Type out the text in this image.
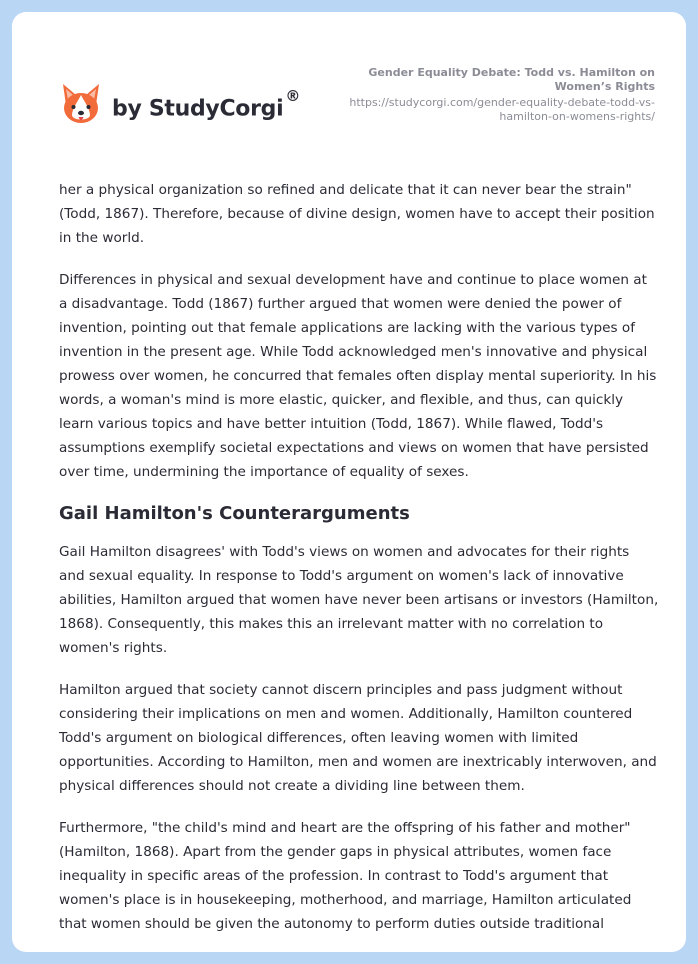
by StudyCorgi®
Gender Equality Debate: Todd vs. Hamilton on Women’s Rights
https://studycorgi.com/gender-equality-debate-todd-vs-hamilton-on-womens-rights/

her a physical organization so refined and delicate that it can never bear the strain" (Todd, 1867). Therefore, because of divine design, women have to accept their position in the world.

Differences in physical and sexual development have and continue to place women at a disadvantage. Todd (1867) further argued that women were denied the power of invention, pointing out that female applications are lacking with the various types of invention in the present age. While Todd acknowledged men's innovative and physical prowess over women, he concurred that females often display mental superiority. In his words, a woman's mind is more elastic, quicker, and flexible, and thus, can quickly learn various topics and have better intuition (Todd, 1867). While flawed, Todd's assumptions exemplify societal expectations and views on women that have persisted over time, undermining the importance of equality of sexes.

Gail Hamilton's Counterarguments

Gail Hamilton disagrees' with Todd's views on women and advocates for their rights and sexual equality. In response to Todd's argument on women's lack of innovative abilities, Hamilton argued that women have never been artisans or investors (Hamilton, 1868). Consequently, this makes this an irrelevant matter with no correlation to women's rights.

Hamilton argued that society cannot discern principles and pass judgment without considering their implications on men and women. Additionally, Hamilton countered Todd's argument on biological differences, often leaving women with limited opportunities. According to Hamilton, men and women are inextricably interwoven, and physical differences should not create a dividing line between them.

Furthermore, "the child's mind and heart are the offspring of his father and mother" (Hamilton, 1868). Apart from the gender gaps in physical attributes, women face inequality in specific areas of the profession. In contrast to Todd's argument that women's place is in housekeeping, motherhood, and marriage, Hamilton articulated that women should be given the autonomy to perform duties outside traditional
